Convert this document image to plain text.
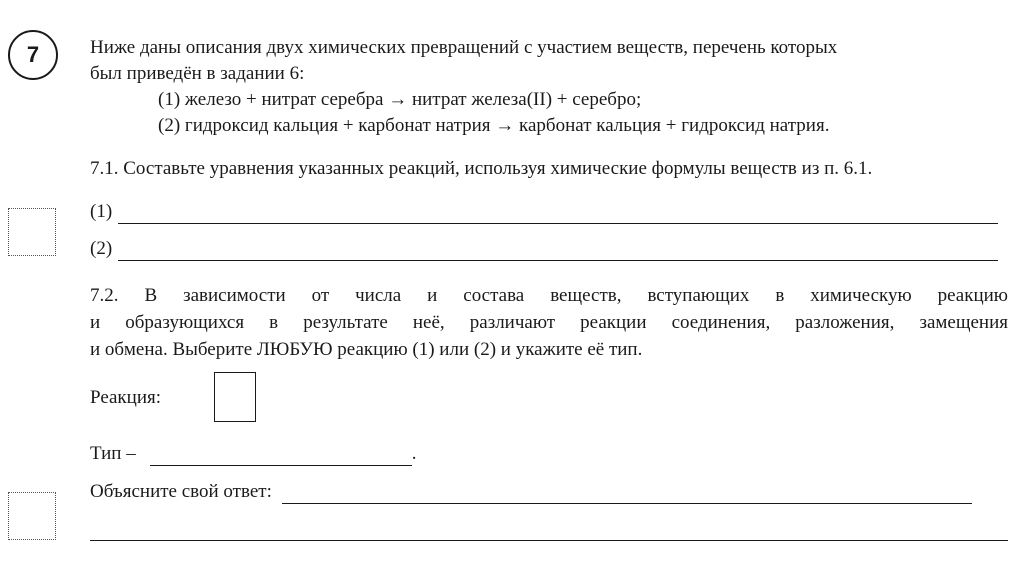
7	Ниже даны описания двух химических превращений с участием веществ, перечень которых
был приведён в задании 6:
(1) железо + нитрат серебра → нитрат железа(II) + серебро;
(2) гидроксид кальция + карбонат натрия → карбонат кальция + гидроксид натрия.
7.1. Составьте уравнения указанных реакций, используя химические формулы веществ из п. 6.1.
(1)
(2)
7.2. В зависимости от числа и состава веществ, вступающих в химическую реакцию
и образующихся в результате неё, различают реакции соединения, разложения, замещения
и обмена. Выберите ЛЮБУЮ реакцию (1) или (2) и укажите её тип.
Реакция:
Тип –	.
Объясните свой ответ:
